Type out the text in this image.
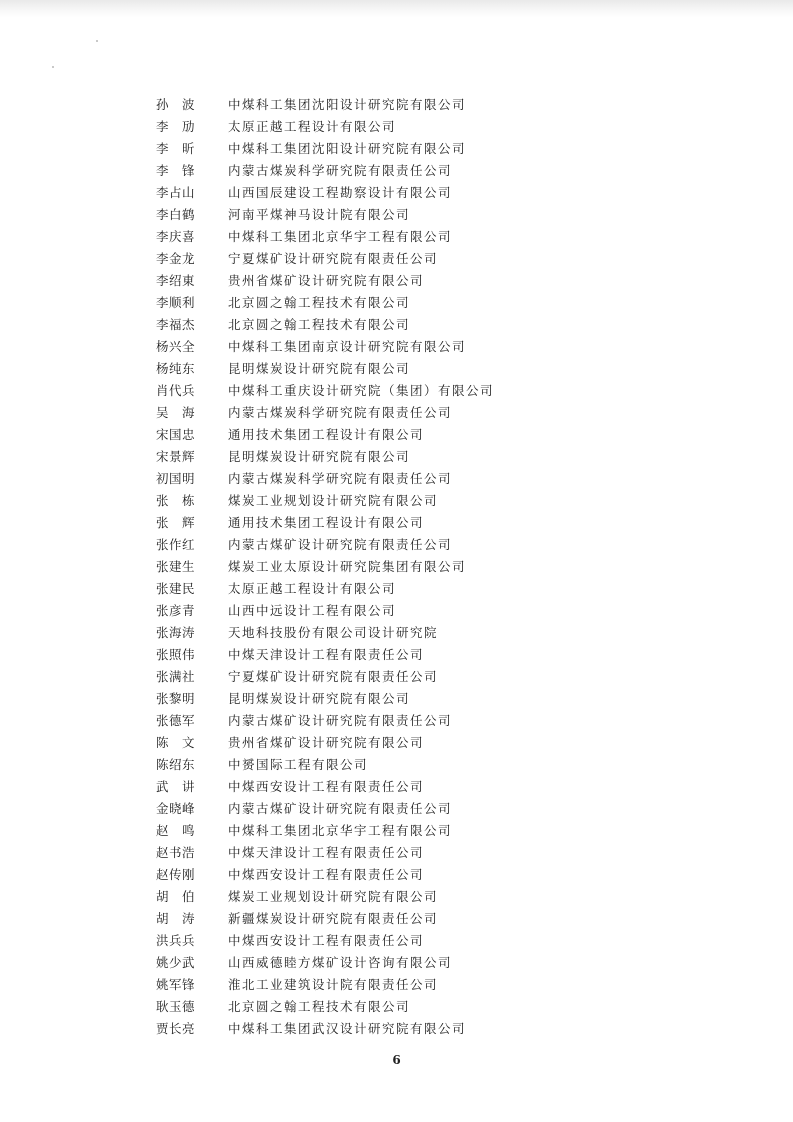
孙　波	中煤科工集团沈阳设计研究院有限公司
李　劢	太原正越工程设计有限公司
李　昕	中煤科工集团沈阳设计研究院有限公司
李　锋	内蒙古煤炭科学研究院有限责任公司
李占山	山西国辰建设工程勘察设计有限公司
李白鹤	河南平煤神马设计院有限公司
李庆喜	中煤科工集团北京华宇工程有限公司
李金龙	宁夏煤矿设计研究院有限责任公司
李绍東	贵州省煤矿设计研究院有限公司
李顺利	北京圆之翰工程技术有限公司
李福杰	北京圆之翰工程技术有限公司
杨兴全	中煤科工集团南京设计研究院有限公司
杨纯东	昆明煤炭设计研究院有限公司
肖代兵	中煤科工重庆设计研究院（集团）有限公司
吴　海	内蒙古煤炭科学研究院有限责任公司
宋国忠	通用技术集团工程设计有限公司
宋景辉	昆明煤炭设计研究院有限公司
初国明	内蒙古煤炭科学研究院有限责任公司
张　栋	煤炭工业规划设计研究院有限公司
张　辉	通用技术集团工程设计有限公司
张作红	内蒙古煤矿设计研究院有限责任公司
张建生	煤炭工业太原设计研究院集团有限公司
张建民	太原正越工程设计有限公司
张彦青	山西中远设计工程有限公司
张海涛	天地科技股份有限公司设计研究院
张照伟	中煤天津设计工程有限责任公司
张满社	宁夏煤矿设计研究院有限责任公司
张黎明	昆明煤炭设计研究院有限公司
张德军	内蒙古煤矿设计研究院有限责任公司
陈　文	贵州省煤矿设计研究院有限公司
陈绍东	中赟国际工程有限公司
武　讲	中煤西安设计工程有限责任公司
金晓峰	内蒙古煤矿设计研究院有限责任公司
赵　鸣	中煤科工集团北京华宇工程有限公司
赵书浩	中煤天津设计工程有限责任公司
赵传刚	中煤西安设计工程有限责任公司
胡　伯	煤炭工业规划设计研究院有限公司
胡　涛	新疆煤炭设计研究院有限责任公司
洪兵兵	中煤西安设计工程有限责任公司
姚少武	山西威德睦方煤矿设计咨询有限公司
姚军锋	淮北工业建筑设计院有限责任公司
耿玉德	北京圆之翰工程技术有限公司
贾长亮	中煤科工集团武汉设计研究院有限公司
6
